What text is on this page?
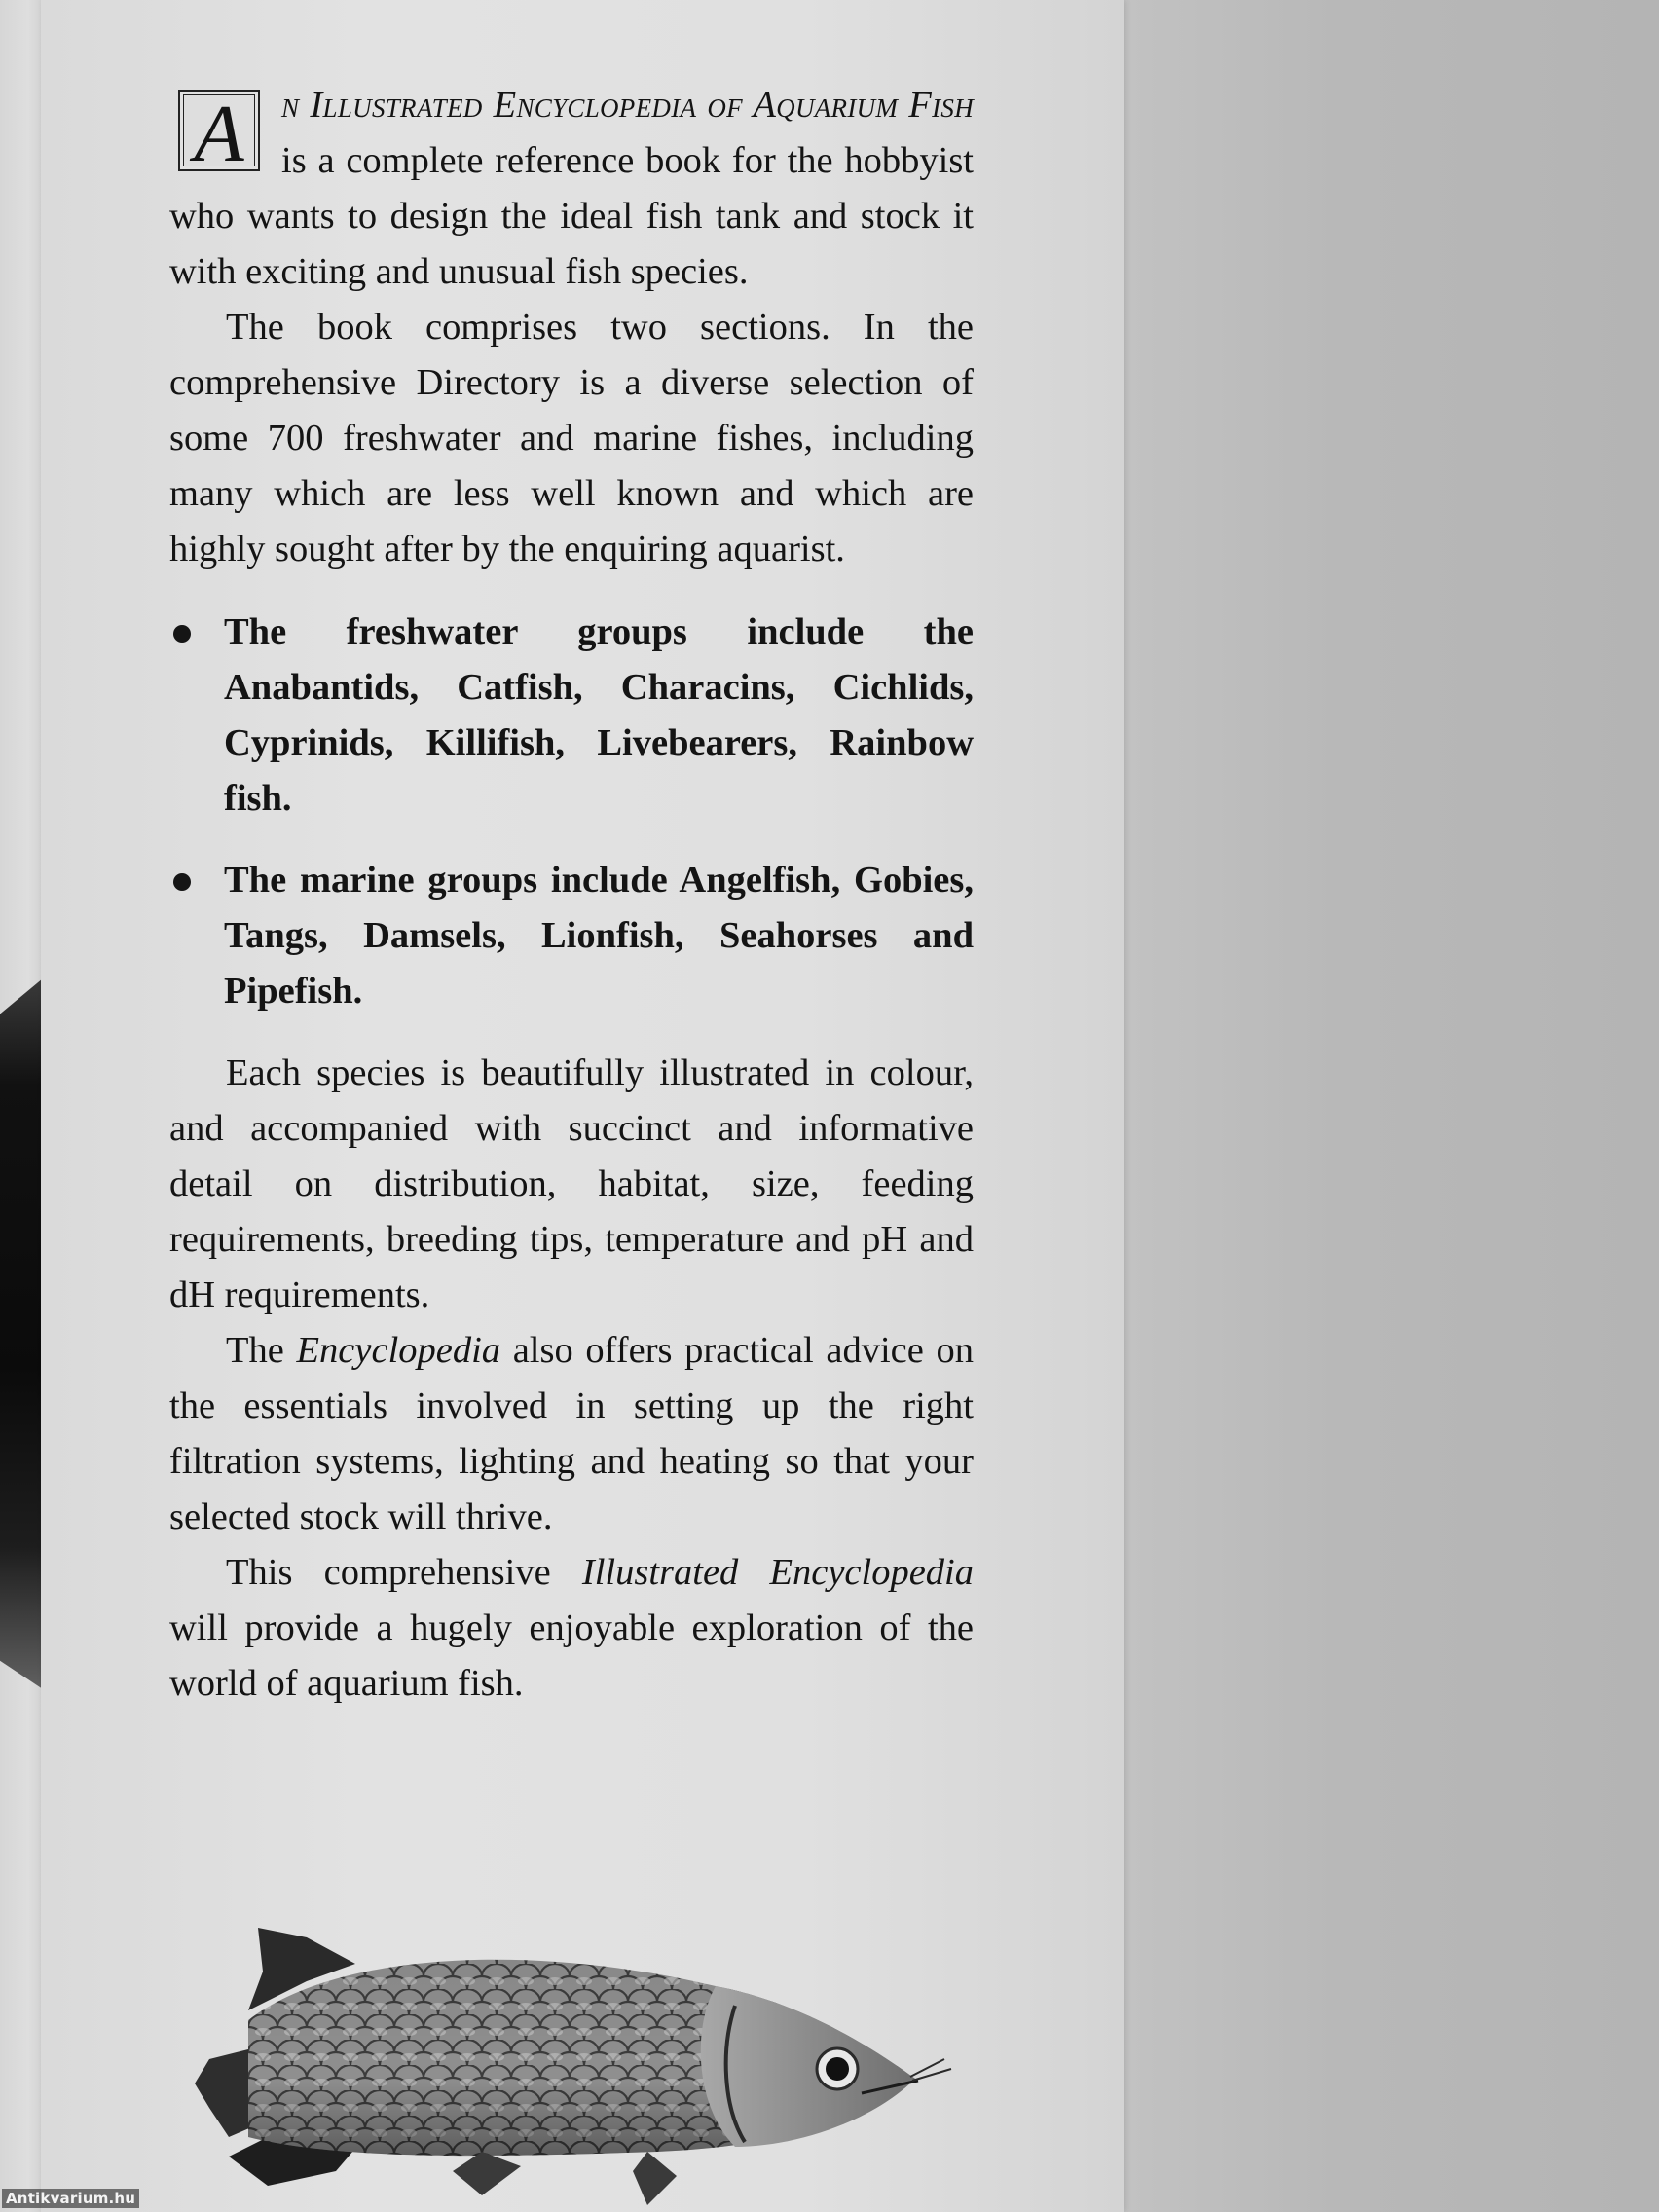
A n Illustrated Encyclopedia of Aquarium Fish is a complete reference book for the hobbyist who wants to design the ideal fish tank and stock it with exciting and unusual fish species.

The book comprises two sections. In the comprehensive Directory is a diverse selection of some 700 freshwater and marine fishes, including many which are less well known and which are highly sought after by the enquiring aquarist.

The freshwater groups include the Anabantids, Catfish, Characins, Cichlids, Cyprinids, Killifish, Livebearers, Rainbow fish.
The marine groups include Angelfish, Gobies, Tangs, Damsels, Lionfish, Seahorses and Pipefish.

Each species is beautifully illustrated in colour, and accompanied with succinct and informative detail on distribution, habitat, size, feeding requirements, breeding tips, temperature and pH and dH requirements.

The Encyclopedia also offers practical advice on the essentials involved in setting up the right filtration systems, lighting and heating so that your selected stock will thrive.

This comprehensive Illustrated Encyclopedia will provide a hugely enjoyable exploration of the world of aquarium fish.

Antikvarium.hu
